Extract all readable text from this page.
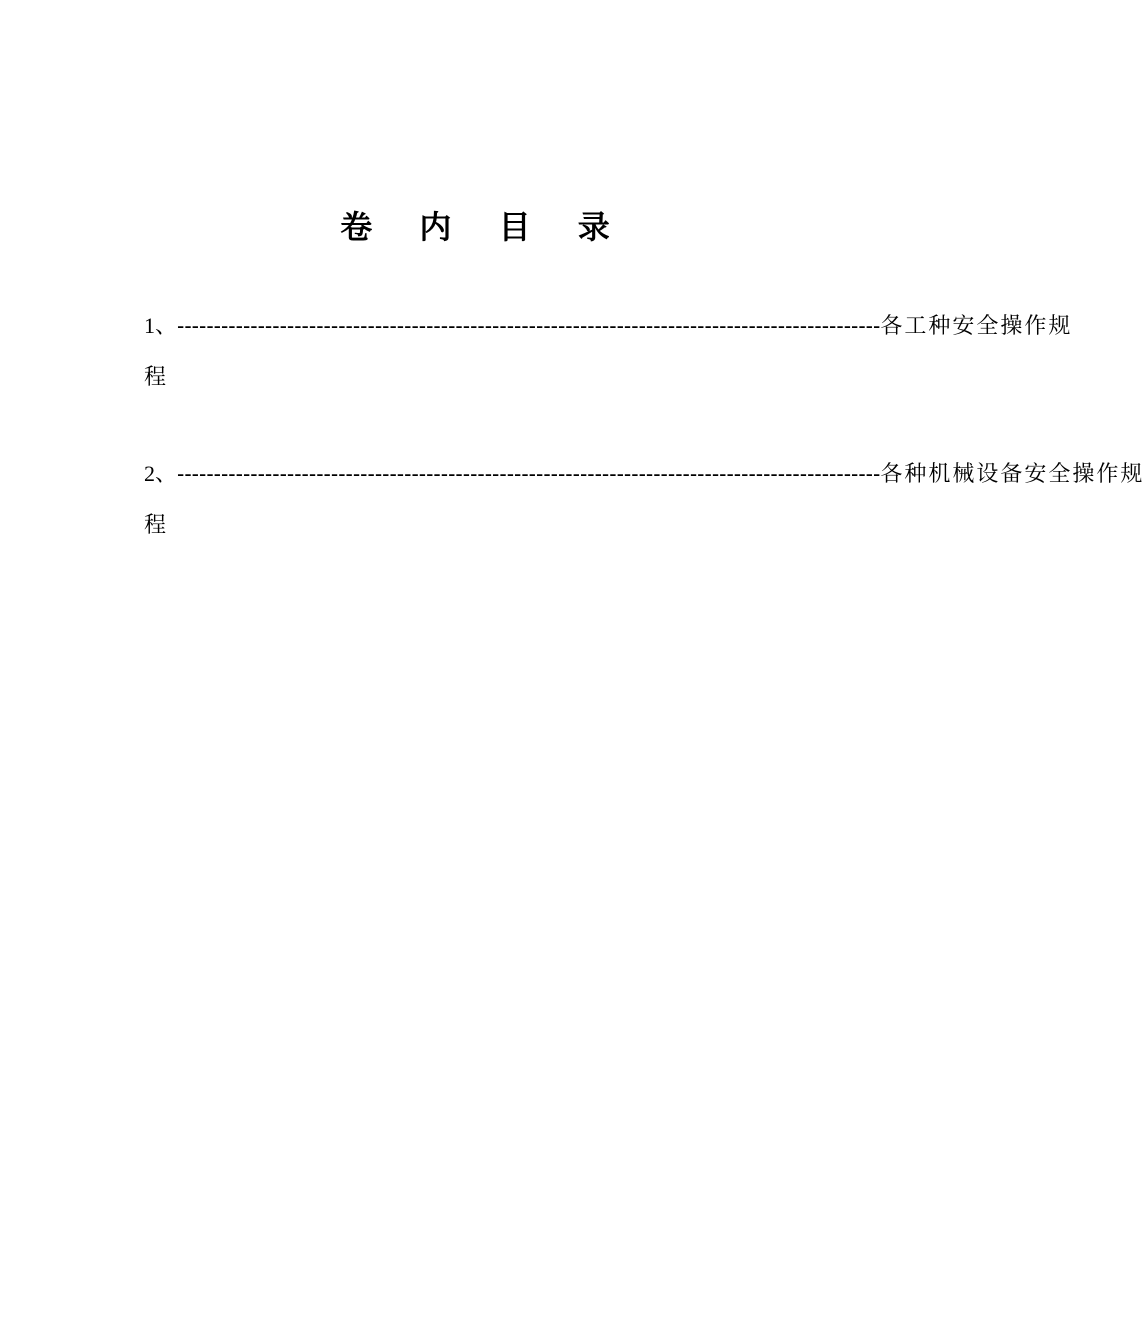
卷 内 目 录
1、 ------------------------------------------------------------------------------------------------ 各工种安全操作规
程
2、 ------------------------------------------------------------------------------------------------ 各种机械设备安全操作规
程
